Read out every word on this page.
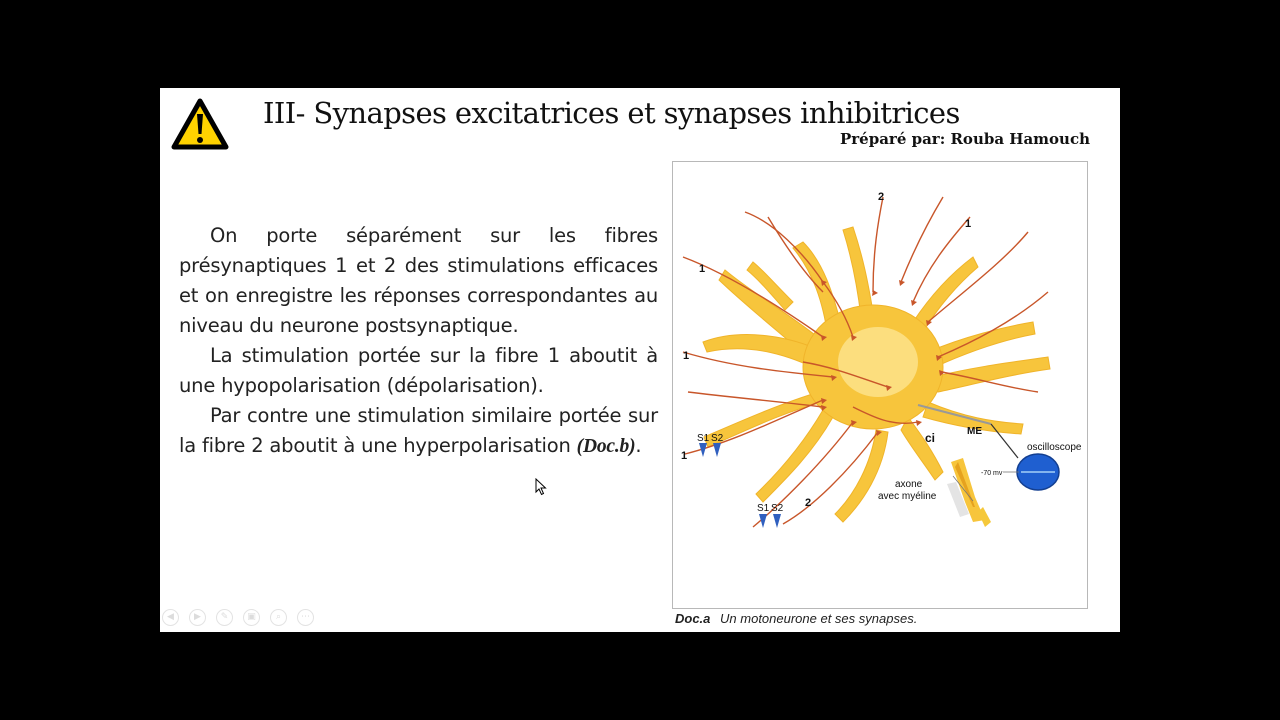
III- Synapses excitatrices et synapses inhibitrices
Préparé par: Rouba Hamouch

On porte séparément sur les fibres présynaptiques 1 et 2 des stimulations efficaces et on enregistre les réponses correspondantes au niveau du neurone postsynaptique.

La stimulation portée sur la fibre 1 aboutit à une hypopolarisation (dépolarisation).

Par contre une stimulation similaire portée sur la fibre 2 aboutit à une hyperpolarisation (Doc.b).

1
1
1
1
2
2
S1 S2
S1 S2
ci	ME
oscilloscope
-70 mv
axone
avec myéline
Doc.a Un motoneurone et ses synapses.
◀	▶	✎	▣	⌕	⋯
